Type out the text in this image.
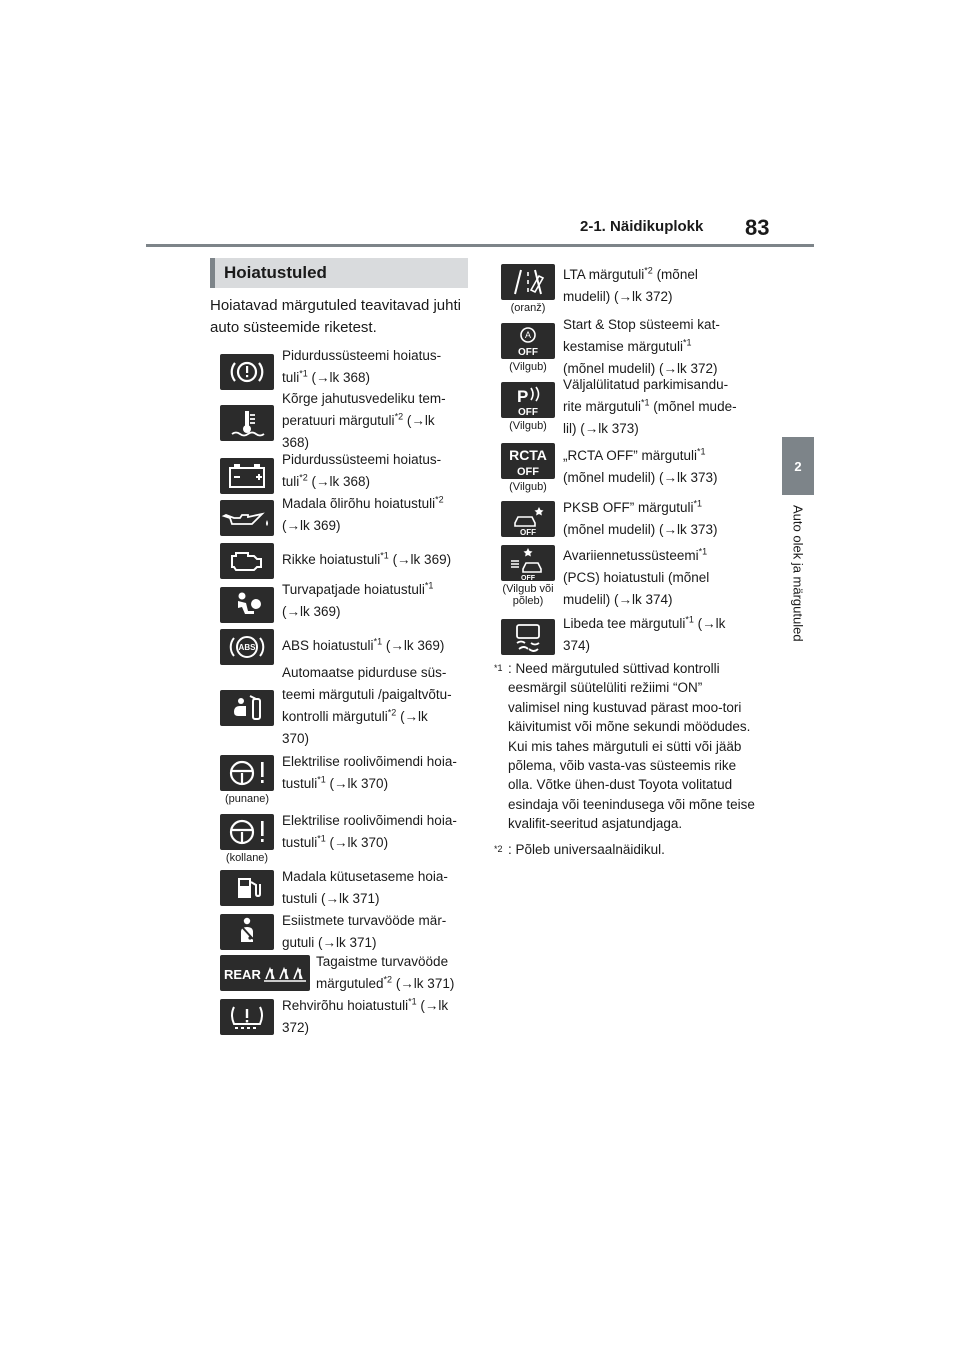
2-1. Näidikuplokk 83
2
Auto olek ja märgutuled
Hoiatustuled
Hoiatavad märgutuled teavitavad juhti auto süsteemide riketest.
Pidurdussüsteemi hoiatus-
tuli$^{*1}$ (→lk 368)
Kõrge jahutusvedeliku tem-
peratuuri märgutuli$^{*2}$ (→lk
368)
Pidurdussüsteemi hoiatus-
tuli$^{*2}$ (→lk 368)
Madala õlirõhu hoiatustuli$^{*2}$
(→lk 369)
Rikke hoiatustuli$^{*1}$ (→lk 369)
Turvapatjade hoiatustuli$^{*1}$
(→lk 369)
ABS ABS hoiatustuli$^{*1}$ (→lk 369)
Automaatse pidurduse süs-
teemi märgutuli /paigaltvõtu-
kontrolli märgutuli$^{*2}$ (→lk
370)
(punane)
Elektrilise roolivõimendi hoia-
tustuli$^{*1}$ (→lk 370)
(kollane)
Elektrilise roolivõimendi hoia-
tustuli$^{*1}$ (→lk 370)
Madala kütusetaseme hoia-
tustuli (→lk 371)
Esiistmete turvavööde mär-
gutuli (→lk 371)
REAR
Tagaistme turvavööde
märgutuled$^{*2}$ (→lk 371)
Rehvirõhu hoiatustuli$^{*1}$ (→lk
372)
(oranž)
LTA märgutuli$^{*2}$ (mõnel
mudelil) (→lk 372)
A
OFF
(Vilgub)
Start & Stop süsteemi kat-
kestamise märgutuli$^{*1}$
(mõnel mudelil) (→lk 372)
P
OFF
(Vilgub)
Väljalülitatud parkimisandu-
rite märgutuli$^{*1}$ (mõnel mude-
lil) (→lk 373)
RCTA
OFF
(Vilgub)
„RCTA OFF” märgutuli$^{*1}$
(mõnel mudelil) (→lk 373)
OFF
PKSB OFF” märgutuli$^{*1}$
(mõnel mudelil) (→lk 373)
OFF
(Vilgub või põleb)
Avariiennetussüsteemi$^{*1}$
(PCS) hoiatustuli (mõnel
mudelil) (→lk 374)
Libeda tee märgutuli$^{*1}$ (→lk
374)
$^{*1}$ : Need märgutuled süttivad kontrolli eesmärgil süütelüliti režiimi “ON” valimisel ning kustuvad pärast moo-tori käivitumist või mõne sekundi möödudes. Kui mis tahes märgutuli ei sütti või jääb põlema, võib vasta-vas süsteemis rike olla. Võtke ühen-dust Toyota volitatud esindaja või teenindusega või mõne teise kvalifit-seeritud asjatundjaga.
$^{*2}$ : Põleb universaalnäidikul.
